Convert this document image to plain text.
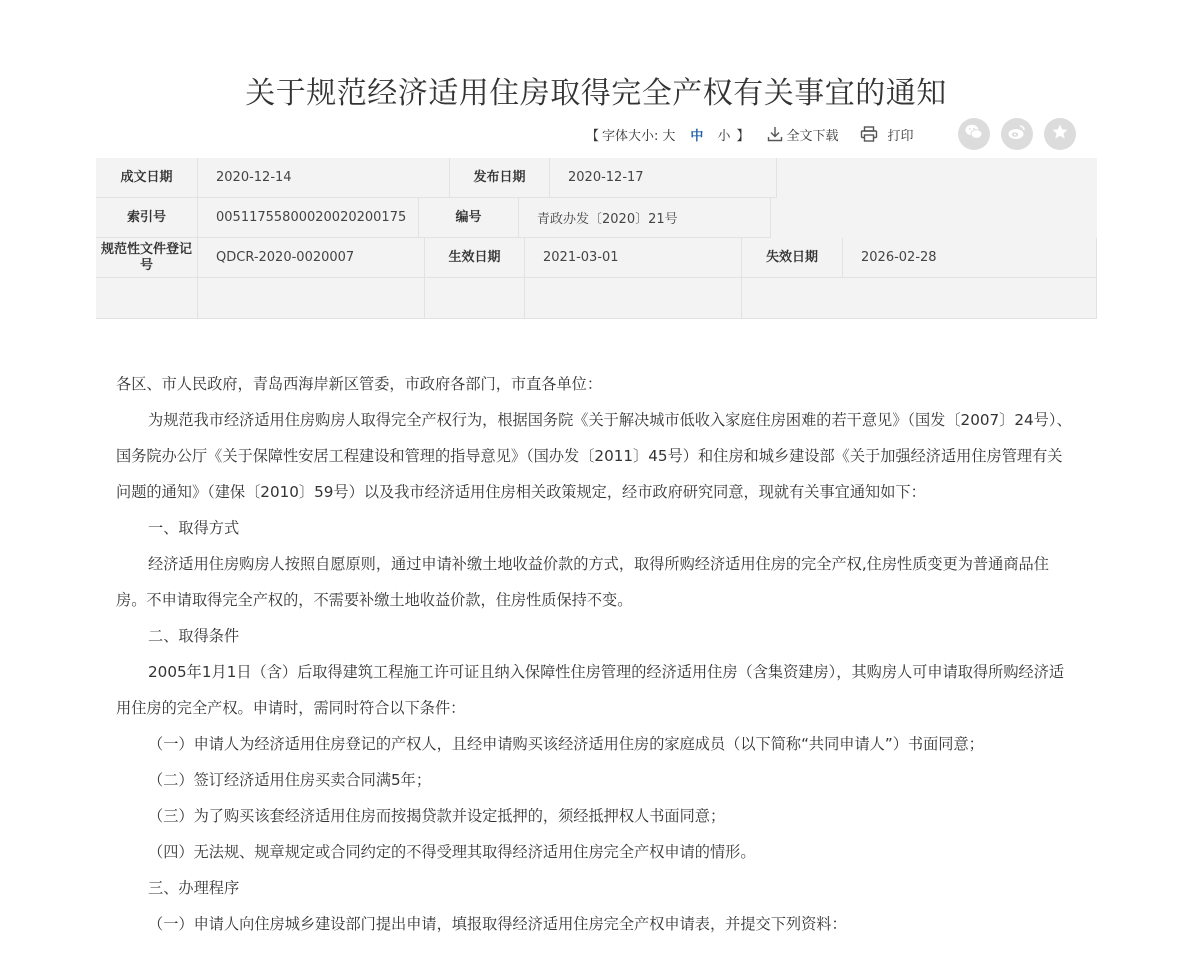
关于规范经济适用住房取得完全产权有关事宜的通知
【 字体大小: 大 中 小 】	全文下载	打印
成文日期	2020-12-14	发布日期	2020-12-17
索引号	00511755800020020200175	编号	青政办发〔2020〕21号
规范性文件登记号	QDCR-2020-0020007	生效日期	2021-03-01	失效日期	2026-02-28

各区、市人民政府，青岛西海岸新区管委，市政府各部门，市直各单位：

为规范我市经济适用住房购房人取得完全产权行为，根据国务院《关于解决城市低收入家庭住房困难的若干意见》（国发〔2007〕24号）、国务院办公厅《关于保障性安居工程建设和管理的指导意见》（国办发〔2011〕45号）和住房和城乡建设部《关于加强经济适用住房管理有关问题的通知》（建保〔2010〕59号）以及我市经济适用住房相关政策规定，经市政府研究同意，现就有关事宜通知如下：

一、取得方式

经济适用住房购房人按照自愿原则，通过申请补缴土地收益价款的方式，取得所购经济适用住房的完全产权,住房性质变更为普通商品住房。不申请取得完全产权的，不需要补缴土地收益价款，住房性质保持不变。

二、取得条件

2005年1月1日（含）后取得建筑工程施工许可证且纳入保障性住房管理的经济适用住房（含集资建房），其购房人可申请取得所购经济适用住房的完全产权。申请时，需同时符合以下条件：

（一）申请人为经济适用住房登记的产权人，且经申请购买该经济适用住房的家庭成员（以下简称“共同申请人”）书面同意；

（二）签订经济适用住房买卖合同满5年；

（三）为了购买该套经济适用住房而按揭贷款并设定抵押的，须经抵押权人书面同意；

（四）无法规、规章规定或合同约定的不得受理其取得经济适用住房完全产权申请的情形。

三、办理程序

（一）申请人向住房城乡建设部门提出申请，填报取得经济适用住房完全产权申请表，并提交下列资料：
